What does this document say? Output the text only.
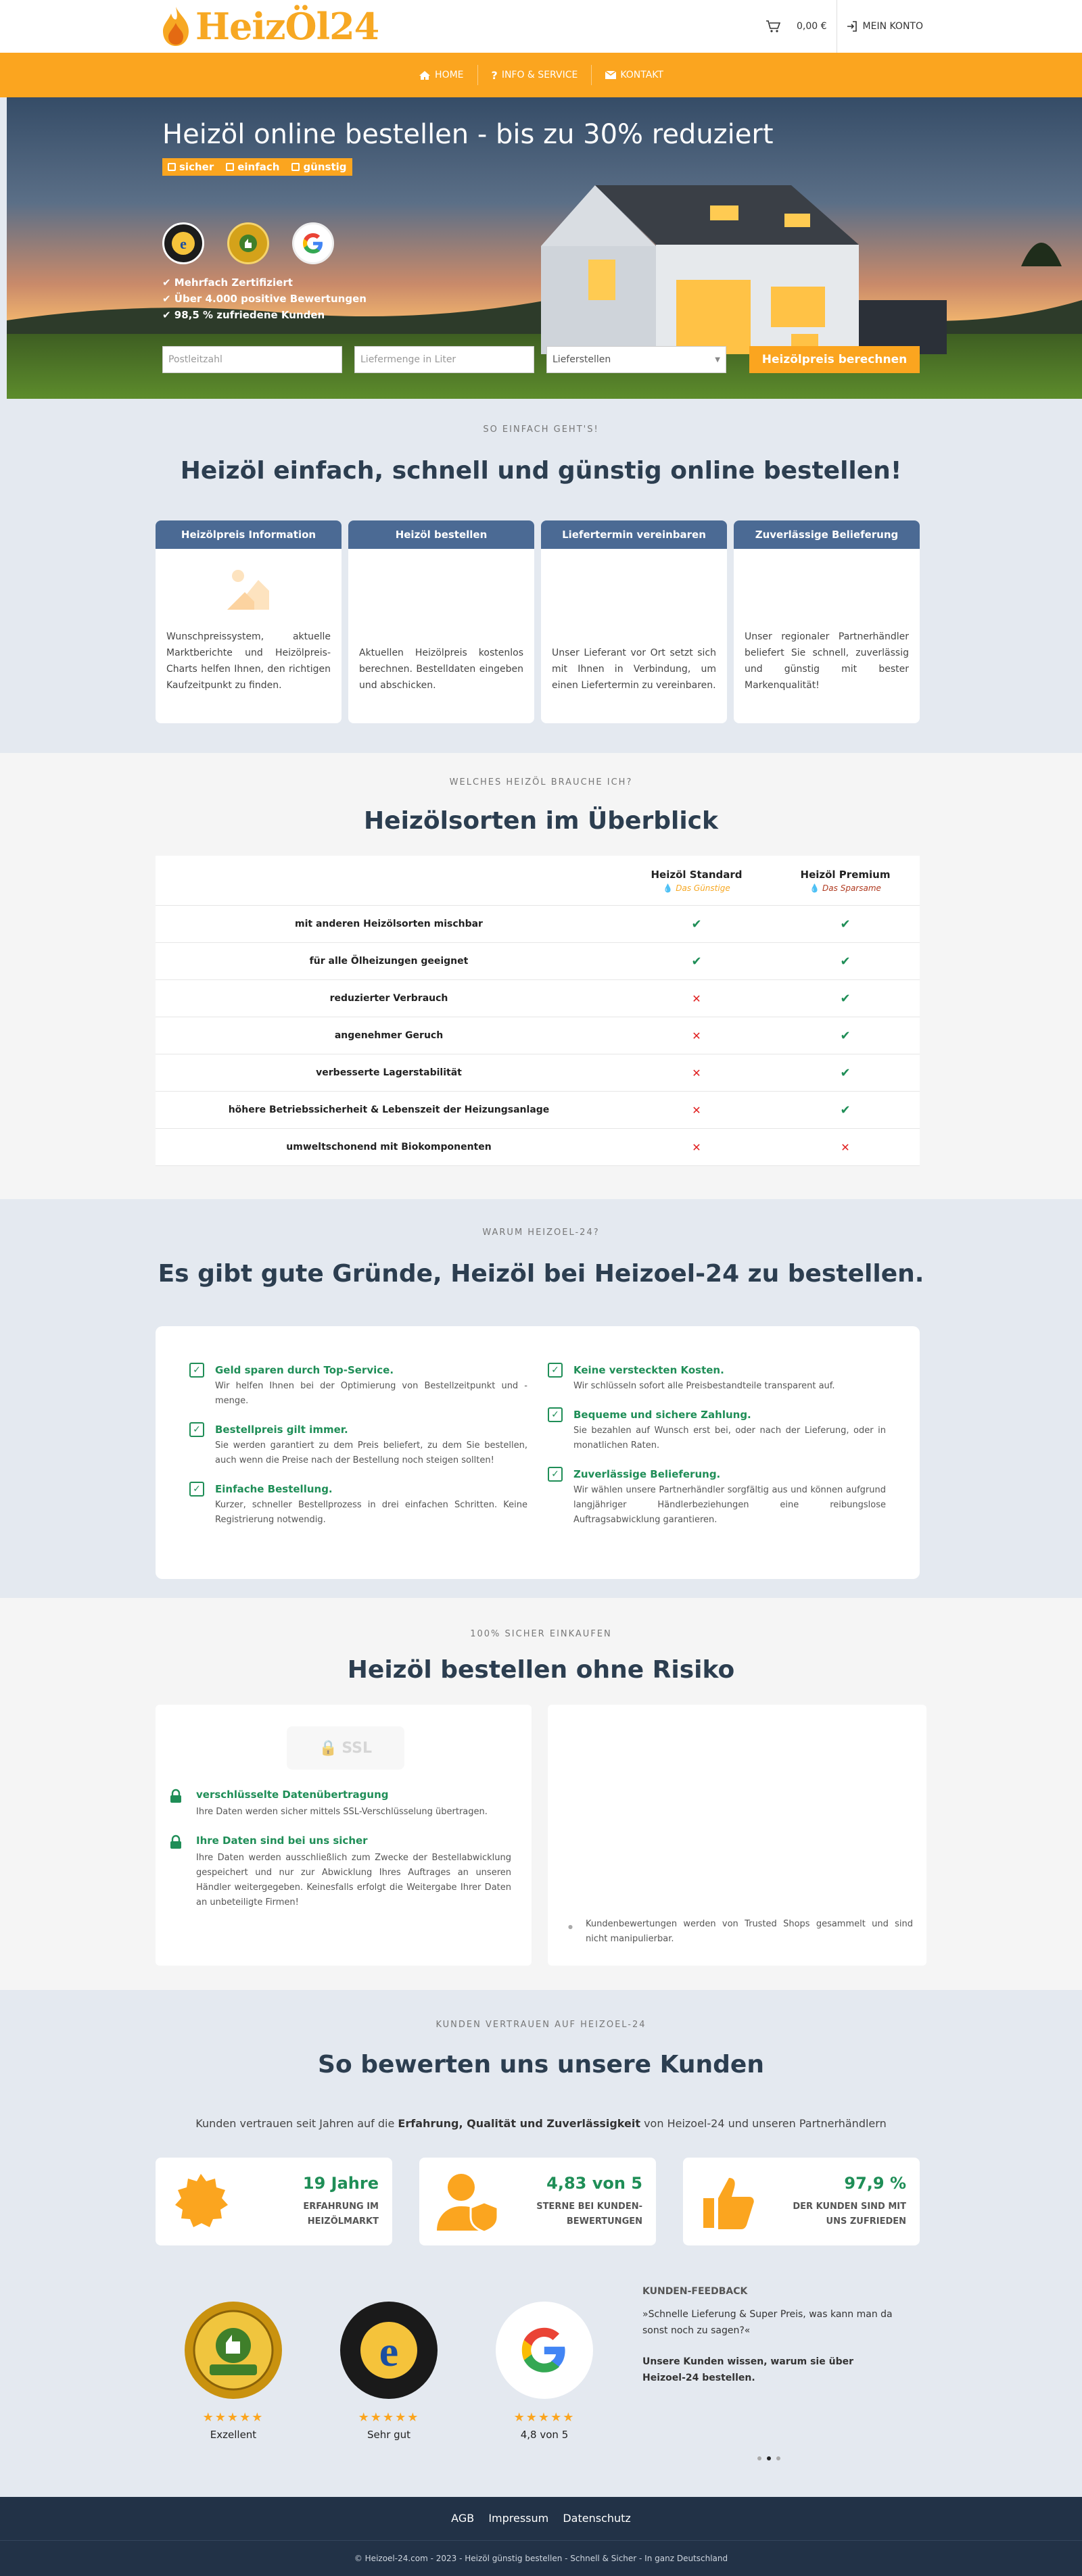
HeizÖl24	0,00 €	MEIN KONTO
HOME	? INFO & SERVICE	KONTAKT
Heizöl online bestellen - bis zu 30% reduziert
sicher einfach günstig
e
✔ Mehrfach Zertifiziert
✔ Über 4.000 positive Bewertungen
✔ 98,5 % zufriedene Kunden
Postleitzahl	Liefermenge in Liter	Lieferstellen	▼	Heizölpreis berechnen
SO EINFACH GEHT'S!
Heizöl einfach, schnell und günstig online bestellen!
Heizölpreis Information
Wunschpreissystem, aktuelle Marktberichte und Heizölpreis-Charts helfen Ihnen, den richtigen Kaufzeitpunkt zu finden.
Heizöl bestellen
Aktuellen Heizölpreis kostenlos berechnen. Bestelldaten eingeben und abschicken.
Liefertermin vereinbaren
Unser Lieferant vor Ort setzt sich mit Ihnen in Verbindung, um einen Liefertermin zu vereinbaren.
Zuverlässige Belieferung
Unser regionaler Partnerhändler beliefert Sie schnell, zuverlässig und günstig mit bester Markenqualität!
WELCHES HEIZÖL BRAUCHE ICH?
Heizölsorten im Überblick
Heizöl Standard
💧 Das Günstige
Heizöl Premium
💧 Das Sparsame
mit anderen Heizölsorten mischbar	✔	✔
für alle Ölheizungen geeignet	✔	✔
reduzierter Verbrauch	✕	✔
angenehmer Geruch	✕	✔
verbesserte Lagerstabilität	✕	✔
höhere Betriebssicherheit & Lebenszeit der Heizungsanlage	✕	✔
umweltschonend mit Biokomponenten	✕	✕
WARUM HEIZOEL-24?
Es gibt gute Gründe, Heizöl bei Heizoel-24 zu bestellen.
✓	Geld sparen durch Top-Service.
Wir helfen Ihnen bei der Optimierung von Bestellzeitpunkt und -menge.
✓	Bestellpreis gilt immer.
Sie werden garantiert zu dem Preis beliefert, zu dem Sie bestellen, auch wenn die Preise nach der Bestellung noch steigen sollten!
✓	Einfache Bestellung.
Kurzer, schneller Bestellprozess in drei einfachen Schritten. Keine Registrierung notwendig.
✓	Keine versteckten Kosten.
Wir schlüsseln sofort alle Preisbestandteile transparent auf.
✓	Bequeme und sichere Zahlung.
Sie bezahlen auf Wunsch erst bei, oder nach der Lieferung, oder in monatlichen Raten.
✓	Zuverlässige Belieferung.
Wir wählen unsere Partnerhändler sorgfältig aus und können aufgrund langjähriger Händlerbeziehungen eine reibungslose Auftragsabwicklung garantieren.
100% SICHER EINKAUFEN
Heizöl bestellen ohne Risiko
🔒 SSL
verschlüsselte Datenübertragung
Ihre Daten werden sicher mittels SSL-Verschlüsselung übertragen.
Ihre Daten sind bei uns sicher
Ihre Daten werden ausschließlich zum Zwecke der Bestellabwicklung gespeichert und nur zur Abwicklung Ihres Auftrages an unseren Händler weitergegeben. Keinesfalls erfolgt die Weitergabe Ihrer Daten an unbeteiligte Firmen!
● Kundenbewertungen werden von Trusted Shops gesammelt und sind nicht manipulierbar.
KUNDEN VERTRAUEN AUF HEIZOEL-24
So bewerten uns unsere Kunden
Kunden vertrauen seit Jahren auf die Erfahrung, Qualität und Zuverlässigkeit von Heizoel-24 und unseren Partnerhändlern
19 Jahre
ERFAHRUNG IM HEIZÖLMARKT
4,83 von 5
STERNE BEI KUNDEN-BEWERTUNGEN
97,9 %
DER KUNDEN SIND MIT UNS ZUFRIEDEN
★★★★★
Exzellent
e
★★★★★
Sehr gut
★★★★★
4,8 von 5
KUNDEN-FEEDBACK
»Schnelle Lieferung & Super Preis, was kann man da sonst noch zu sagen?«
Unsere Kunden wissen, warum sie über Heizoel-24 bestellen.
AGB Impressum Datenschutz
© Heizoel-24.com - 2023 - Heizöl günstig bestellen - Schnell & Sicher - In ganz Deutschland
